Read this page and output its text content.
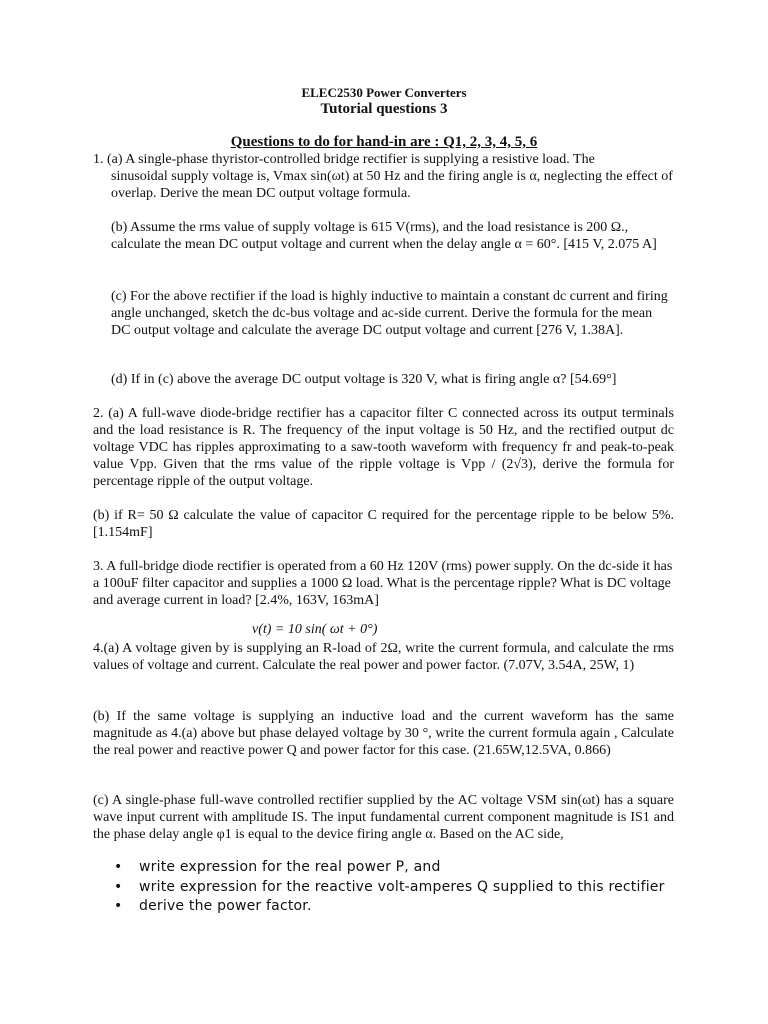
ELEC2530 Power Converters
Tutorial questions 3
Questions to do for hand-in are : Q1, 2, 3, 4, 5, 6
1. (a) A single-phase thyristor-controlled bridge rectifier is supplying a resistive load. The
sinusoidal supply voltage is, Vmax sin(ωt) at 50 Hz and the firing angle is α, neglecting the effect of overlap. Derive the mean DC output voltage formula.
(b) Assume the rms value of supply voltage is 615 V(rms), and the load resistance is 200 Ω., calculate the mean DC output voltage and current when the delay angle α = 60°. [415 V, 2.075 A]
(c) For the above rectifier if the load is highly inductive to maintain a constant dc current and firing angle unchanged, sketch the dc-bus voltage and ac-side current. Derive the formula for the mean DC output voltage and calculate the average DC output voltage and current [276 V, 1.38A].
(d) If in (c) above the average DC output voltage is 320 V, what is firing angle α? [54.69°]
2. (a) A full-wave diode-bridge rectifier has a capacitor filter C connected across its output terminals and the load resistance is R. The frequency of the input voltage is 50 Hz, and the rectified output dc voltage VDC has ripples approximating to a saw-tooth waveform with frequency fr and peak-to-peak value Vpp. Given that the rms value of the ripple voltage is Vpp / (2√3), derive the formula for percentage ripple of the output voltage.
(b) if R= 50 Ω calculate the value of capacitor C required for the percentage ripple to be below 5%. [1.154mF]
3. A full-bridge diode rectifier is operated from a 60 Hz 120V (rms) power supply. On the dc-side it has a 100uF filter capacitor and supplies a 1000 Ω load. What is the percentage ripple? What is DC voltage and average current in load? [2.4%, 163V, 163mA]
v(t) = 10 sin( ωt + 0°)
4.(a) A voltage given by is supplying an R-load of 2Ω, write the current formula, and calculate the rms values of voltage and current. Calculate the real power and power factor. (7.07V, 3.54A, 25W, 1)
(b) If the same voltage is supplying an inductive load and the current waveform has the same magnitude as 4.(a) above but phase delayed voltage by 30 °, write the current formula again , Calculate the real power and reactive power Q and power factor for this case. (21.65W,12.5VA, 0.866)
(c) A single-phase full-wave controlled rectifier supplied by the AC voltage VSM sin(ωt) has a square wave input current with amplitude IS. The input fundamental current component magnitude is IS1 and the phase delay angle φ1 is equal to the device firing angle α. Based on the AC side,
• write expression for the real power P, and
• write expression for the reactive volt-amperes Q supplied to this rectifier
• derive the power factor.
